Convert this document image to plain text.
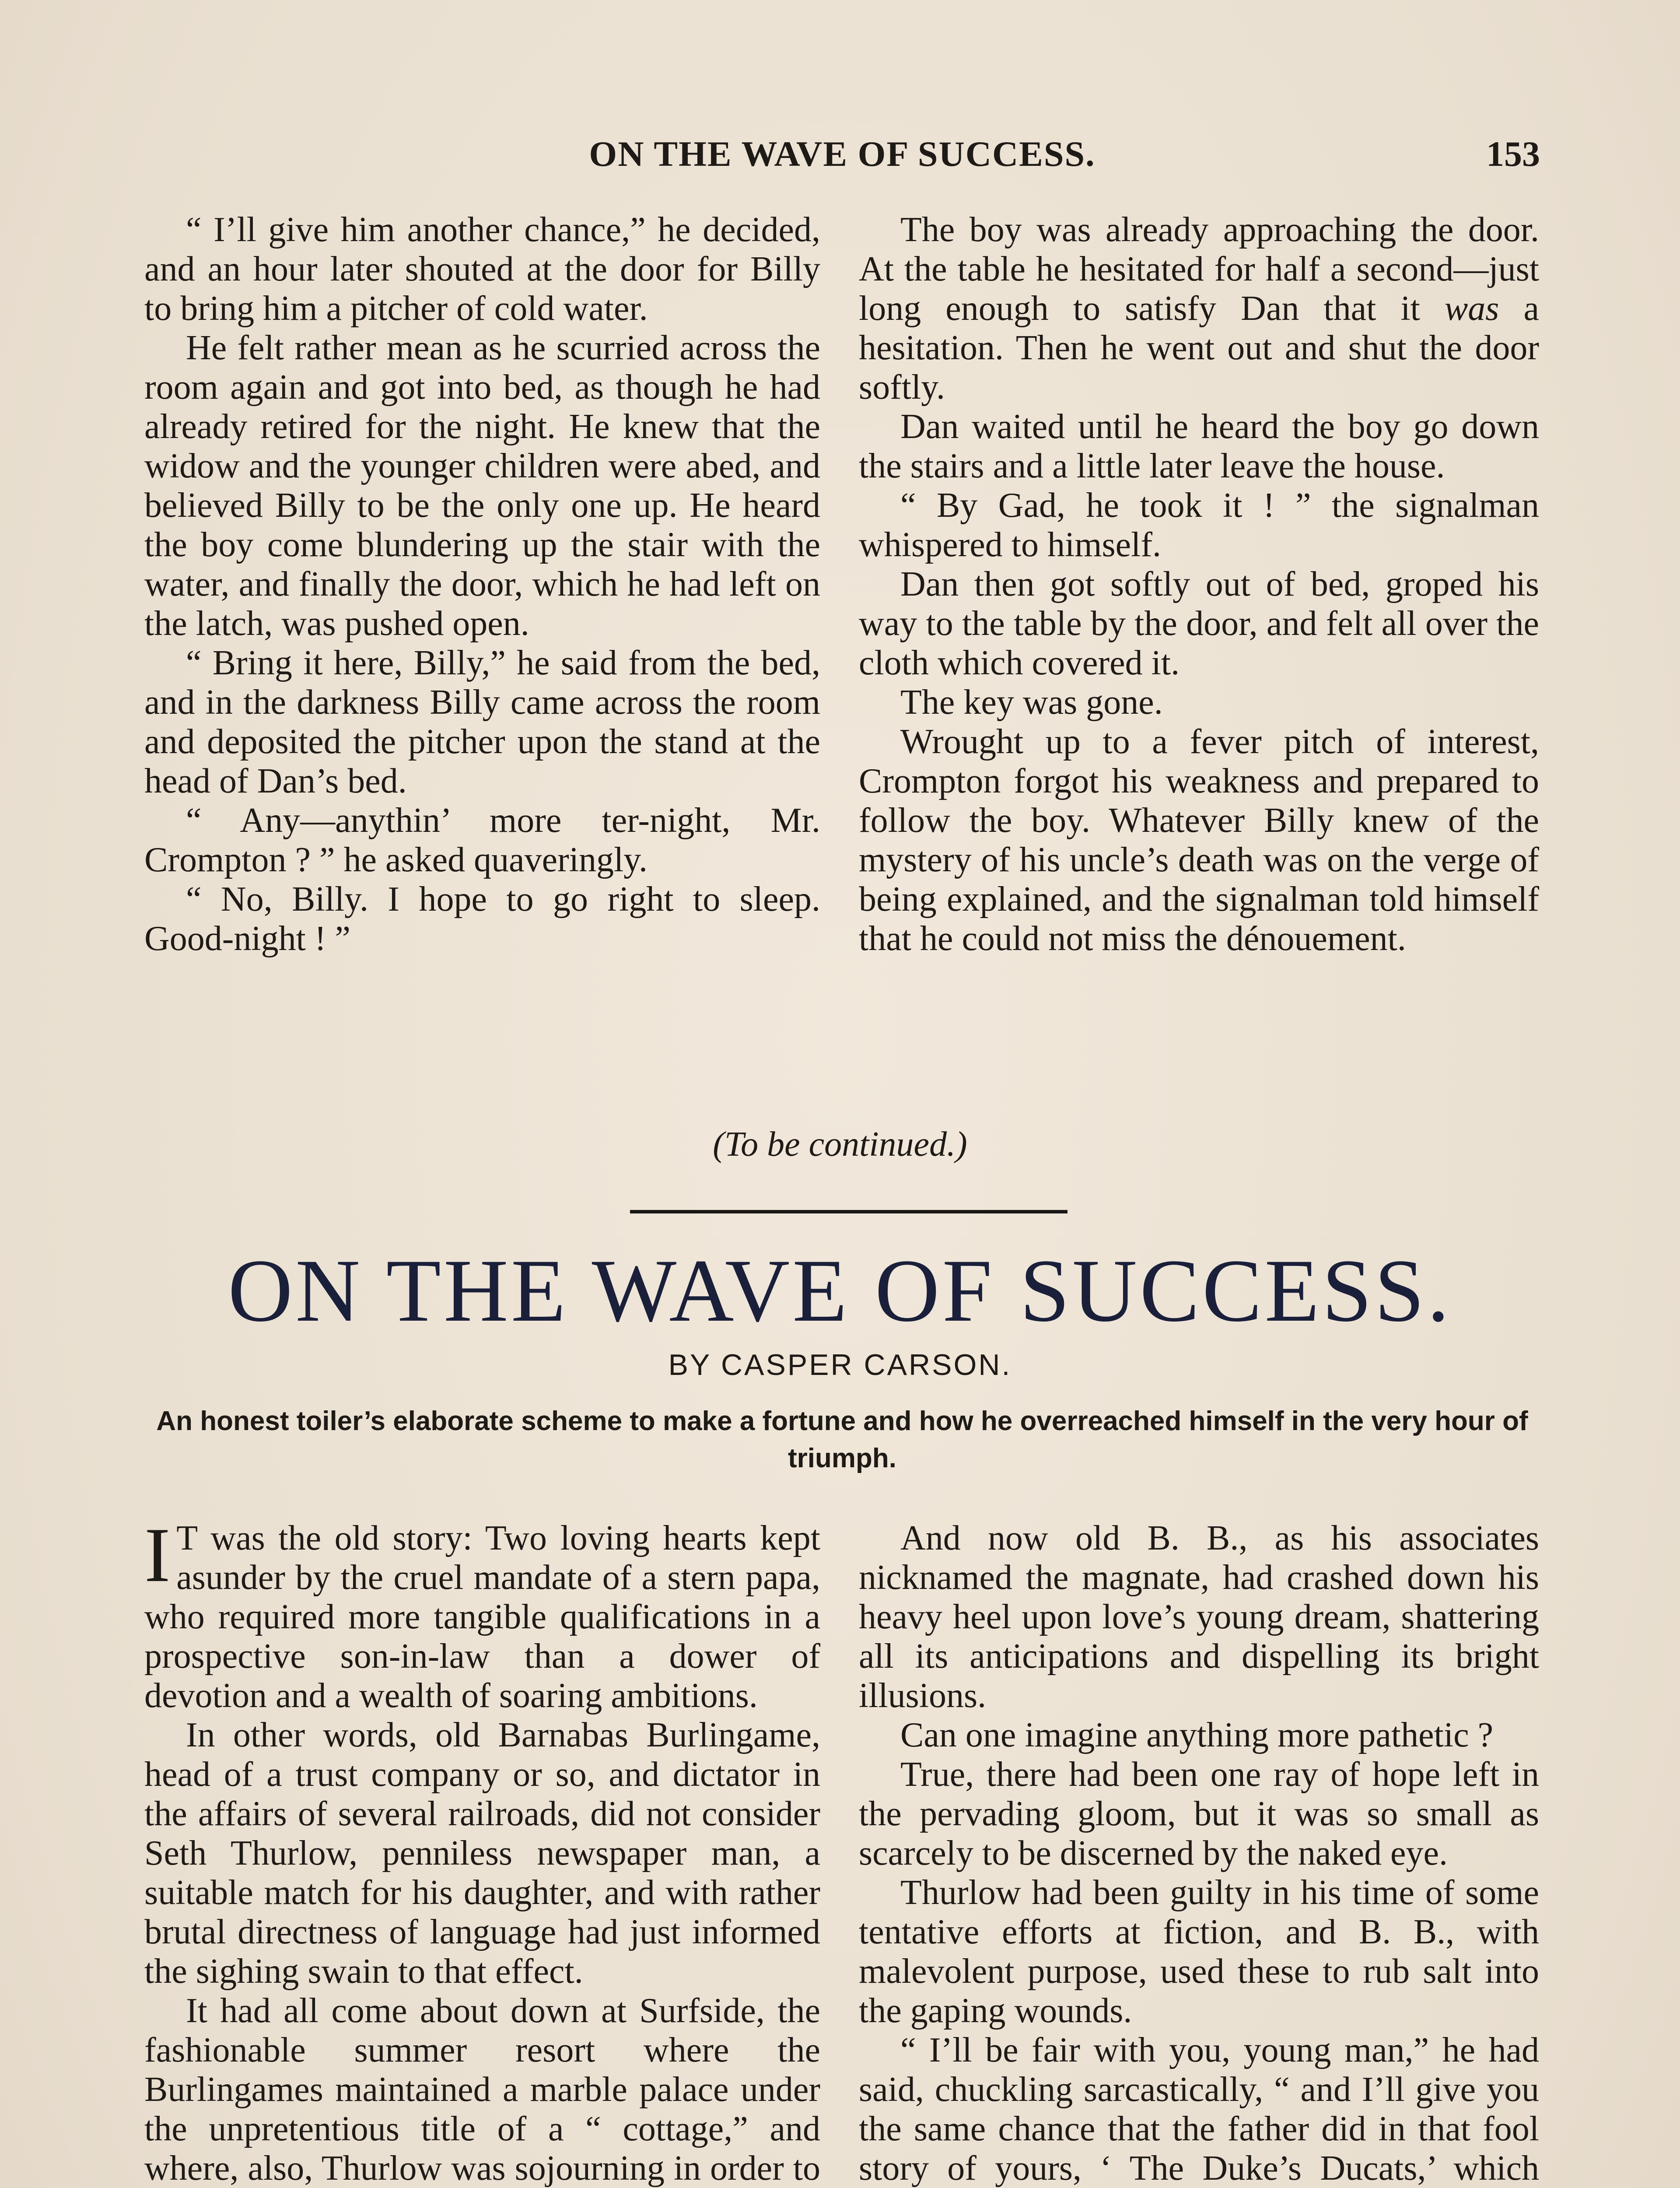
ON THE WAVE OF SUCCESS.	153

“ I’ll give him another chance,” he decided, and an hour later shouted at the door for Billy to bring him a pitcher of cold water.

He felt rather mean as he scurried across the room again and got into bed, as though he had already retired for the night. He knew that the widow and the younger children were abed, and believed Billy to be the only one up. He heard the boy come blundering up the stair with the water, and finally the door, which he had left on the latch, was pushed open.

“ Bring it here, Billy,” he said from the bed, and in the darkness Billy came across the room and deposited the pitcher upon the stand at the head of Dan’s bed.

“ Any—anythin’ more ter-night, Mr. Crompton ? ” he asked quaveringly.

“ No, Billy. I hope to go right to sleep. Good-night ! ”

The boy was already approaching the door. At the table he hesitated for half a second—just long enough to satisfy Dan that it was a hesitation. Then he went out and shut the door softly.

Dan waited until he heard the boy go down the stairs and a little later leave the house.

“ By Gad, he took it ! ” the signalman whispered to himself.

Dan then got softly out of bed, groped his way to the table by the door, and felt all over the cloth which covered it.

The key was gone.

Wrought up to a fever pitch of interest, Crompton forgot his weakness and prepared to follow the boy. Whatever Billy knew of the mystery of his uncle’s death was on the verge of being explained, and the signalman told himself that he could not miss the dénouement.

(To be continued.)
ON THE WAVE OF SUCCESS.
BY CASPER CARSON.
An honest toiler’s elaborate scheme to make a fortune and how he overreached himself in the very hour of triumph.

I T was the old story: Two loving hearts kept asunder by the cruel mandate of a stern papa, who required more tangible qualifications in a prospective son-in-law than a dower of devotion and a wealth of soaring ambitions.

In other words, old Barnabas Burlingame, head of a trust company or so, and dictator in the affairs of several railroads, did not consider Seth Thurlow, penniless newspaper man, a suitable match for his daughter, and with rather brutal directness of language had just informed the sighing swain to that effect.

It had all come about down at Surfside, the fashionable summer resort where the Burlingames maintained a marble palace under the unpretentious title of a “ cottage,” and where, also, Thurlow was sojourning in order to

And now old B. B., as his associates nicknamed the magnate, had crashed down his heavy heel upon love’s young dream, shattering all its anticipations and dispelling its bright illusions.

Can one imagine anything more pathetic ?

True, there had been one ray of hope left in the pervading gloom, but it was so small as scarcely to be discerned by the naked eye.

Thurlow had been guilty in his time of some tentative efforts at fiction, and B. B., with malevolent purpose, used these to rub salt into the gaping wounds.

“ I’ll be fair with you, young man,” he had said, chuckling sarcastically, “ and I’ll give you the same chance that the father did in that fool story of yours, ‘ The Duke’s Ducats,’ which
